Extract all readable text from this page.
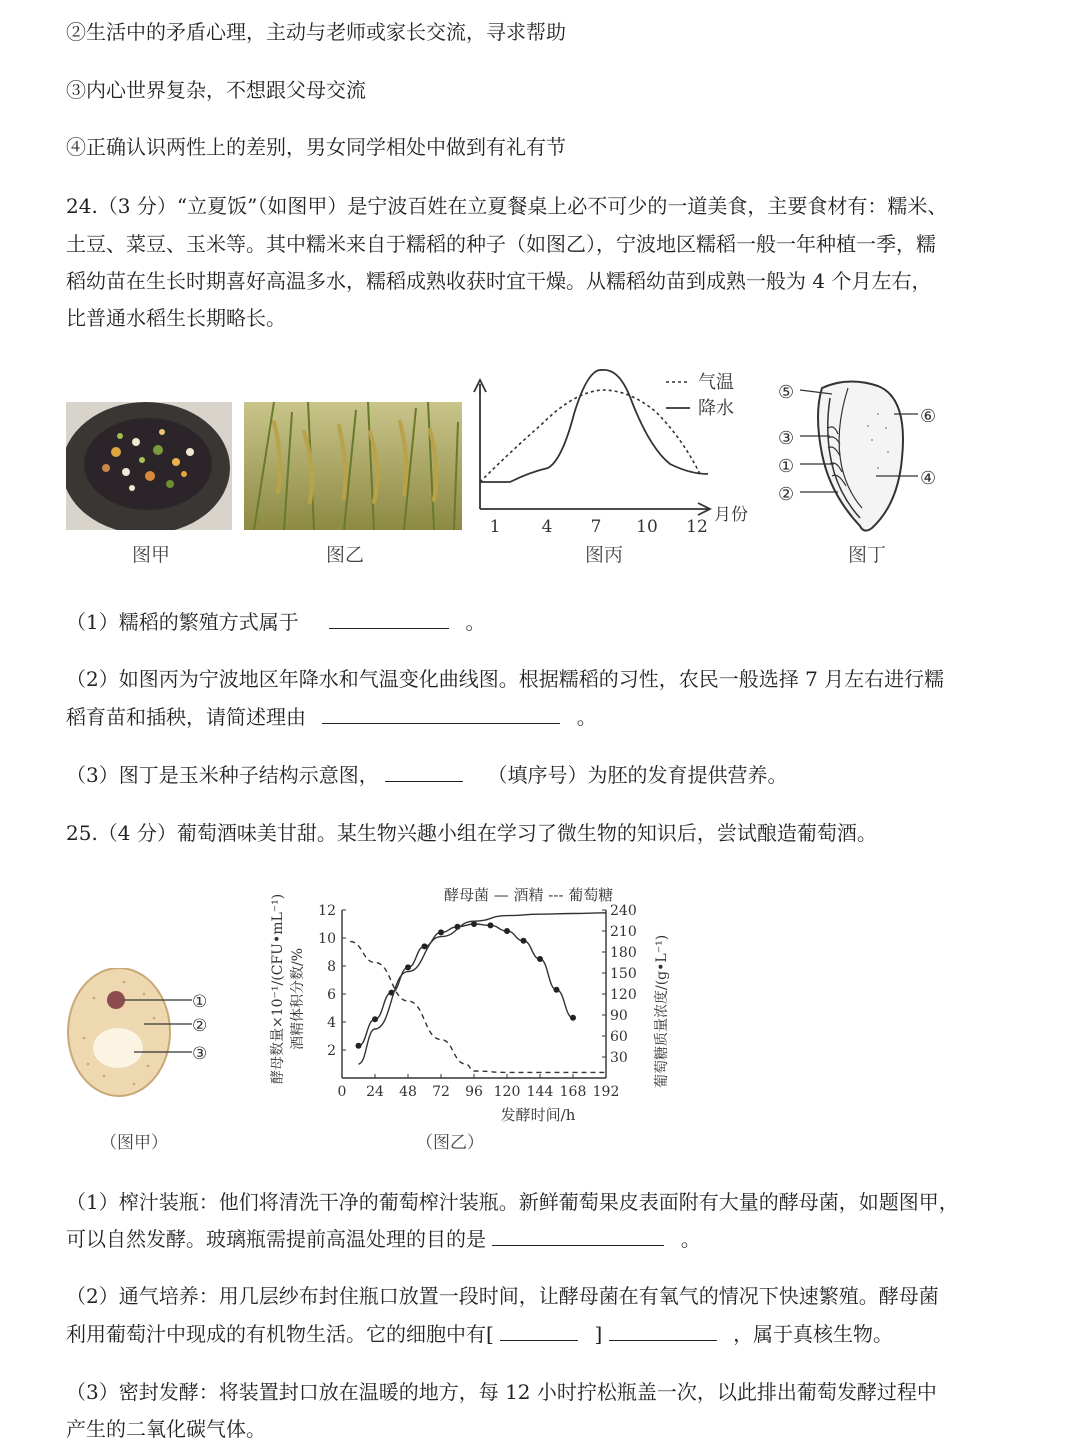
②生活中的矛盾心理，主动与老师或家长交流，寻求帮助
③内心世界复杂，不想跟父母交流
④正确认识两性上的差别，男女同学相处中做到有礼有节
24.（3 分）“立夏饭”（如图甲）是宁波百姓在立夏餐桌上必不可少的一道美食，主要食材有：糯米、
土豆、菜豆、玉米等。其中糯米来自于糯稻的种子（如图乙），宁波地区糯稻一般一年种植一季，糯
稻幼苗在生长时期喜好高温多水，糯稻成熟收获时宜干燥。从糯稻幼苗到成熟一般为 4 个月左右，
比普通水稻生长期略长。
图甲	图乙
气温
降水
1 4 7 10 12
月份
图丙
⑤
⑥
③
①
④
②
图丁
（1）糯稻的繁殖方式属于	。
（2）如图丙为宁波地区年降水和气温变化曲线图。根据糯稻的习性，农民一般选择 7 月左右进行糯
稻育苗和插秧，请简述理由	。
（3）图丁是玉米种子结构示意图，	（填序号）为胚的发育提供营养。
25.（4 分）葡萄酒味美甘甜。某生物兴趣小组在学习了微生物的知识后，尝试酿造葡萄酒。
①
②
③
（图甲）
酵母菌 — 酒精 --- 葡萄糖
酵母数量×10⁻¹/(CFU•mL⁻¹) 酒精体积分数/%	葡萄糖质量浓度/(g•L⁻¹)
发酵时间/h
0 24 48 72 96 120 144 168 192
2
4
6
8
10
12
30
60
90
120
150
180
210
240
（图乙）
（1）榨汁装瓶：他们将清洗干净的葡萄榨汁装瓶。新鲜葡萄果皮表面附有大量的酵母菌，如题图甲，
可以自然发酵。玻璃瓶需提前高温处理的目的是	。
（2）通气培养：用几层纱布封住瓶口放置一段时间，让酵母菌在有氧气的情况下快速繁殖。酵母菌
利用葡萄汁中现成的有机物生活。它的细胞中有[	]	，属于真核生物。
（3）密封发酵：将装置封口放在温暖的地方，每 12 小时拧松瓶盖一次，以此排出葡萄发酵过程中
产生的二氧化碳气体。
